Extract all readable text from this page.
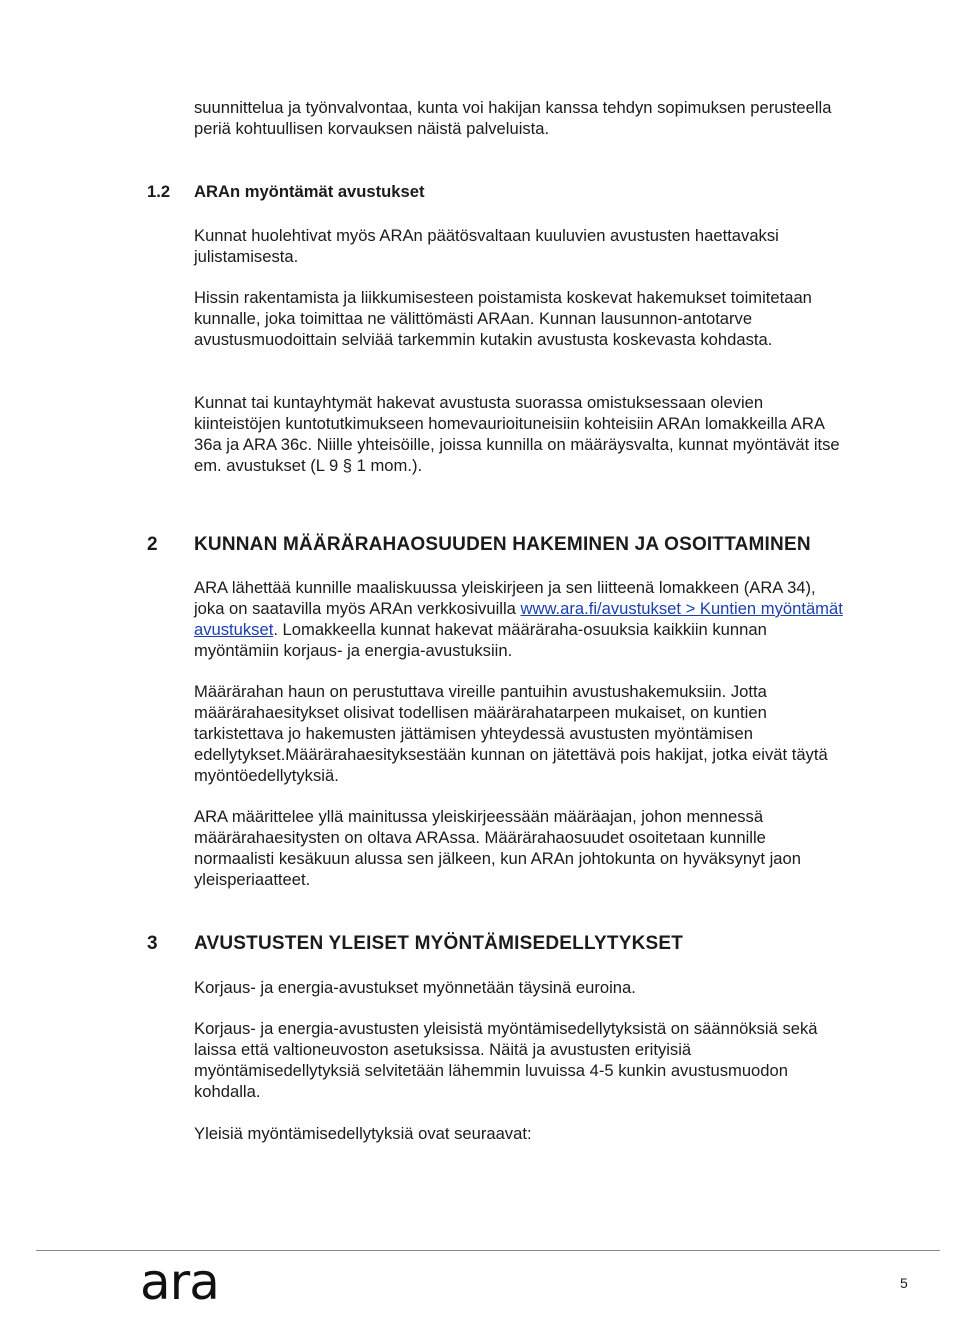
suunnittelua ja työnvalvontaa, kunta voi hakijan kanssa tehdyn sopimuksen perusteella periä kohtuullisen korvauksen näistä palveluista.

1.2 ARAn myöntämät avustukset

Kunnat huolehtivat myös ARAn päätösvaltaan kuuluvien avustusten haettavaksi julistamisesta.

Hissin rakentamista ja liikkumisesteen poistamista koskevat hakemukset toimitetaan kunnalle, joka toimittaa ne välittömästi ARAan. Kunnan lausunnon-antotarve avustusmuodoittain selviää tarkemmin kutakin avustusta koskevasta kohdasta.

Kunnat tai kuntayhtymät hakevat avustusta suorassa omistuksessaan olevien kiinteistöjen kuntotutkimukseen homevaurioituneisiin kohteisiin ARAn lomakkeilla ARA 36a ja ARA 36c. Niille yhteisöille, joissa kunnilla on määräysvalta, kunnat myöntävät itse em. avustukset (L 9 § 1 mom.).

2 KUNNAN MÄÄRÄRAHAOSUUDEN HAKEMINEN JA OSOITTAMINEN

ARA lähettää kunnille maaliskuussa yleiskirjeen ja sen liitteenä lomakkeen (ARA 34), joka on saatavilla myös ARAn verkkosivuilla www.ara.fi/avustukset > Kuntien myöntämät avustukset. Lomakkeella kunnat hakevat määräraha-osuuksia kaikkiin kunnan myöntämiin korjaus- ja energia-avustuksiin.

Määrärahan haun on perustuttava vireille pantuihin avustushakemuksiin. Jotta määrärahaesitykset olisivat todellisen määrärahatarpeen mukaiset, on kuntien tarkistettava jo hakemusten jättämisen yhteydessä avustusten myöntämisen edellytykset.Määrärahaesityksestään kunnan on jätettävä pois hakijat, jotka eivät täytä myöntöedellytyksiä.

ARA määrittelee yllä mainitussa yleiskirjeessään määräajan, johon mennessä määrärahaesitysten on oltava ARAssa. Määrärahaosuudet osoitetaan kunnille normaalisti kesäkuun alussa sen jälkeen, kun ARAn johtokunta on hyväksynyt jaon yleisperiaatteet.

3 AVUSTUSTEN YLEISET MYÖNTÄMISEDELLYTYKSET

Korjaus- ja energia-avustukset myönnetään täysinä euroina.

Korjaus- ja energia-avustusten yleisistä myöntämisedellytyksistä on säännöksiä sekä laissa että valtioneuvoston asetuksissa. Näitä ja avustusten erityisiä myöntämisedellytyksiä selvitetään lähemmin luvuissa 4-5 kunkin avustusmuodon kohdalla.

Yleisiä myöntämisedellytyksiä ovat seuraavat:

ara	5
